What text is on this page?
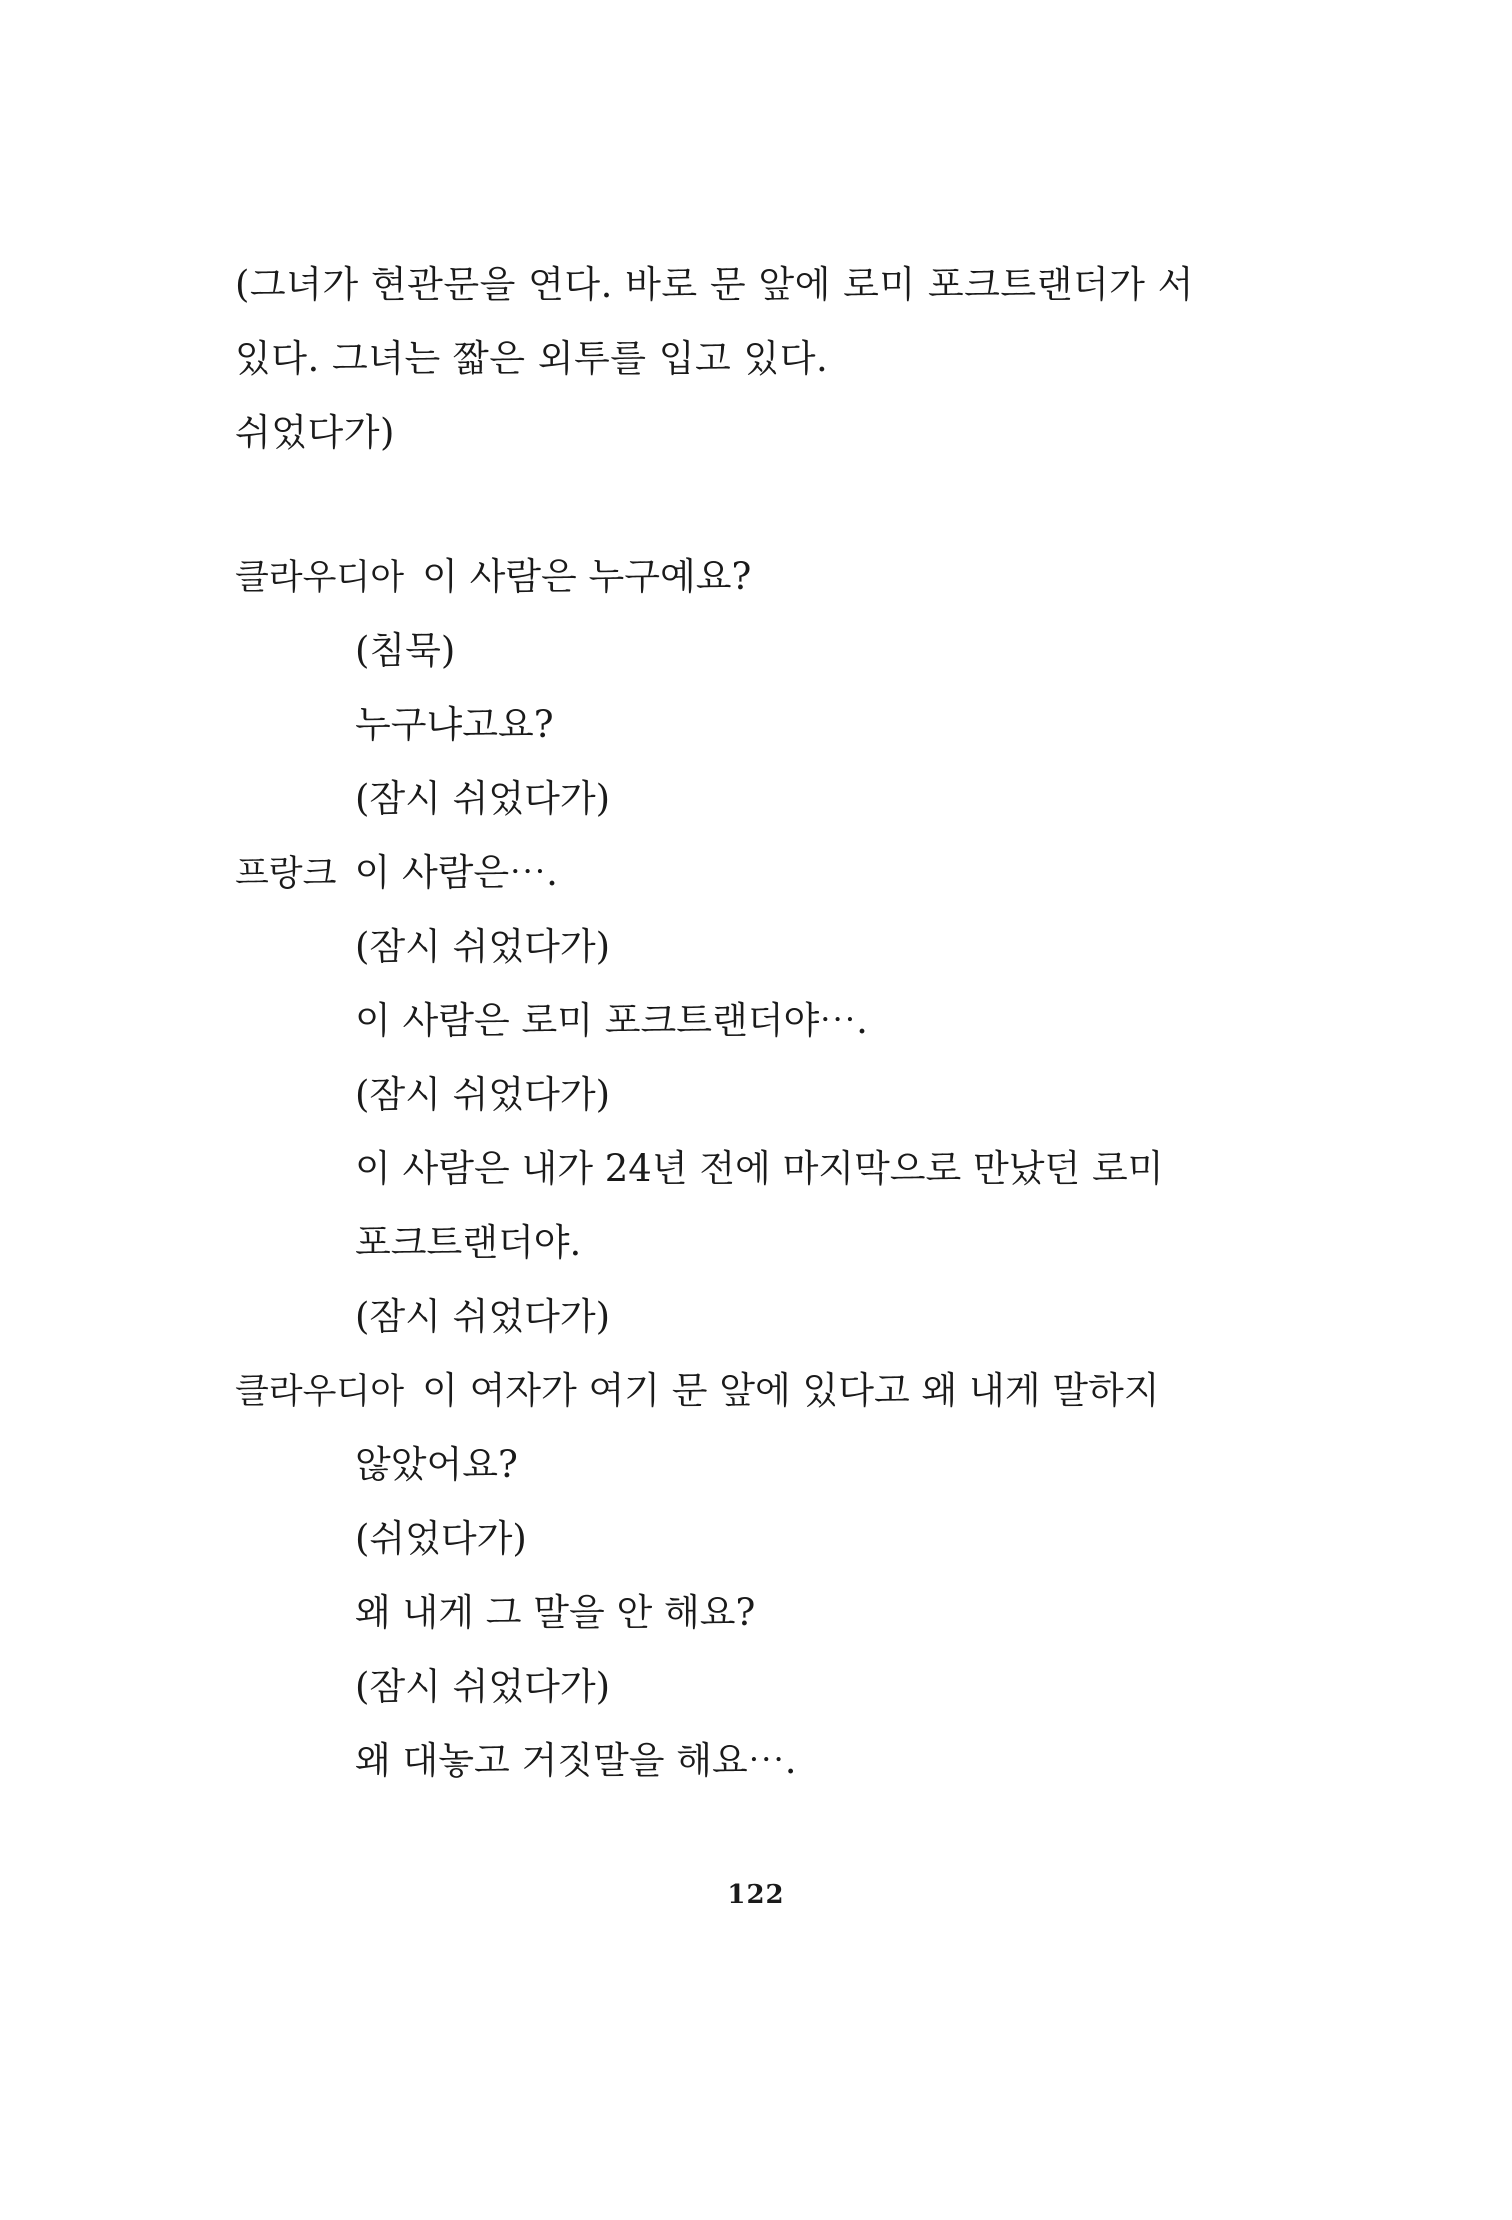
(그녀가 현관문을 연다. 바로 문 앞에 로미 포크트랜더가 서

있다. 그녀는 짧은 외투를 입고 있다.

쉬었다가)

클라우디아 이 사람은 누구예요?
(침묵)
누구냐고요?
(잠시 쉬었다가)
프랑크 이 사람은⋯.
(잠시 쉬었다가)
이 사람은 로미 포크트랜더야⋯.
(잠시 쉬었다가)
이 사람은 내가 24년 전에 마지막으로 만났던 로미
포크트랜더야.
(잠시 쉬었다가)
클라우디아 이 여자가 여기 문 앞에 있다고 왜 내게 말하지
않았어요?
(쉬었다가)
왜 내게 그 말을 안 해요?
(잠시 쉬었다가)
왜 대놓고 거짓말을 해요⋯.
122
